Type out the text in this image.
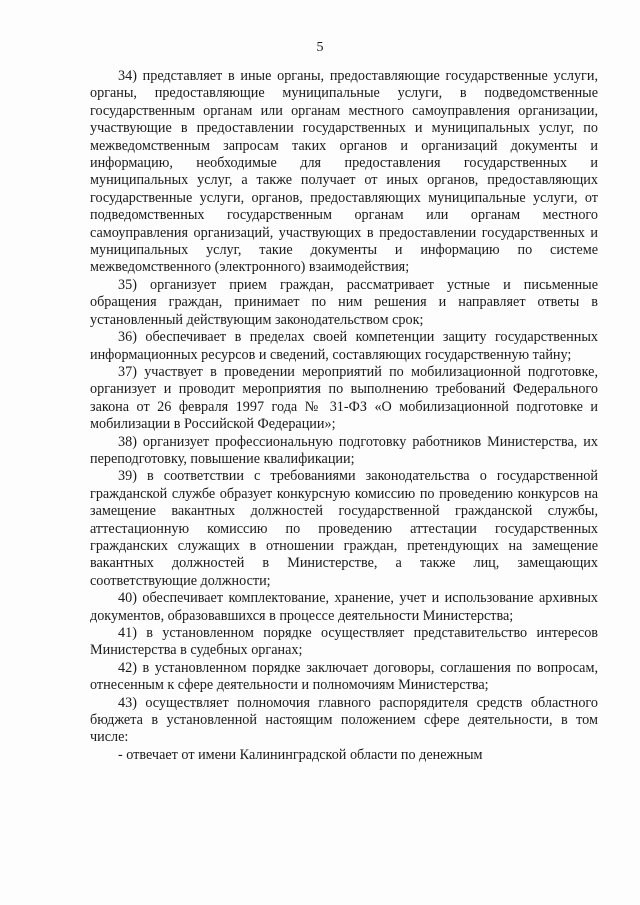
5

34) представляет в иные органы, предоставляющие государственные услуги, органы, предоставляющие муниципальные услуги, в подведомственные государственным органам или органам местного самоуправления организации, участвующие в предоставлении государственных и муниципальных услуг, по межведомственным запросам таких органов и организаций документы и информацию, необходимые для предоставления государственных и муниципальных услуг, а также получает от иных органов, предоставляющих государственные услуги, органов, предоставляющих муниципальные услуги, от подведомственных государственным органам или органам местного самоуправления организаций, участвующих в предоставлении государственных и муниципальных услуг, такие документы и информацию по системе межведомственного (электронного) взаимодействия;

35) организует прием граждан, рассматривает устные и письменные обращения граждан, принимает по ним решения и направляет ответы в установленный действующим законодательством срок;

36) обеспечивает в пределах своей компетенции защиту государственных информационных ресурсов и сведений, составляющих государственную тайну;

37) участвует в проведении мероприятий по мобилизационной подготовке, организует и проводит мероприятия по выполнению требований Федерального закона от 26 февраля 1997 года № 31-ФЗ «О мобилизационной подготовке и мобилизации в Российской Федерации»;

38) организует профессиональную подготовку работников Министерства, их переподготовку, повышение квалификации;

39) в соответствии с требованиями законодательства о государственной гражданской службе образует конкурсную комиссию по проведению конкурсов на замещение вакантных должностей государственной гражданской службы, аттестационную комиссию по проведению аттестации государственных гражданских служащих в отношении граждан, претендующих на замещение вакантных должностей в Министерстве, а также лиц, замещающих соответствующие должности;

40) обеспечивает комплектование, хранение, учет и использование архивных документов, образовавшихся в процессе деятельности Министерства;

41) в установленном порядке осуществляет представительство интересов Министерства в судебных органах;

42) в установленном порядке заключает договоры, соглашения по вопросам, отнесенным к сфере деятельности и полномочиям Министерства;

43) осуществляет полномочия главного распорядителя средств областного бюджета в установленной настоящим положением сфере деятельности, в том числе:

- отвечает от имени Калининградской области по денежным
